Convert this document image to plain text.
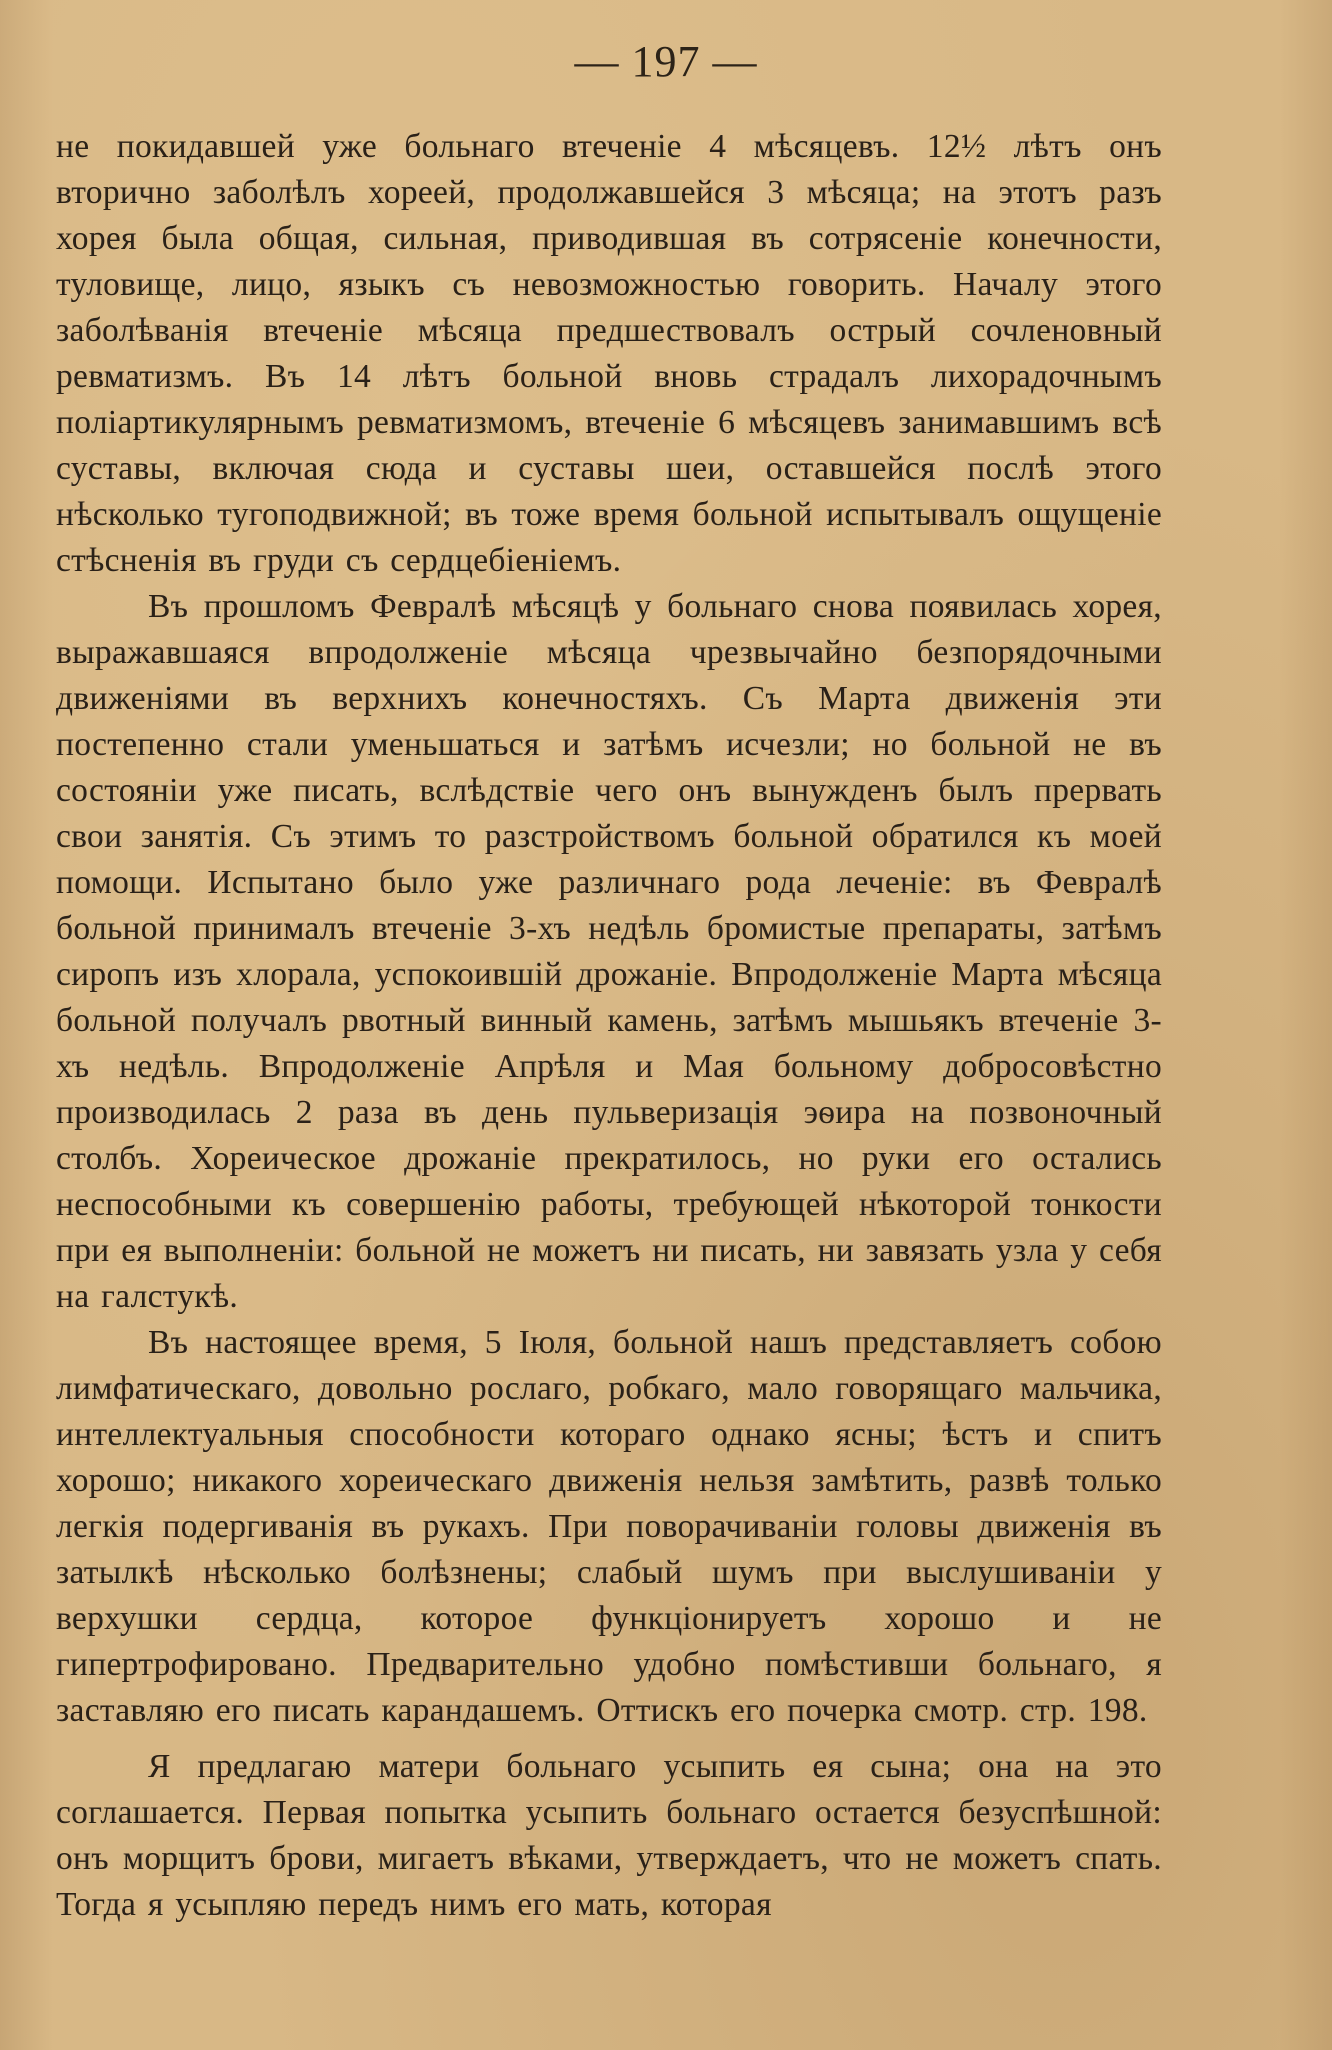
— 197 —

не покидавшей уже больнаго втеченіе 4 мѣсяцевъ. 12½ лѣтъ онъ вторично заболѣлъ хореей, продолжавшейся 3 мѣсяца; на этотъ разъ хорея была общая, сильная, приводившая въ сотрясеніе конечности, туловище, лицо, языкъ съ невозможностью говорить. Началу этого заболѣванія втеченіе мѣсяца предшествовалъ острый сочленовный ревматизмъ. Въ 14 лѣтъ больной вновь страдалъ лихорадочнымъ поліартикулярнымъ ревматизмомъ, втеченіе 6 мѣсяцевъ занимавшимъ всѣ суставы, включая сюда и суставы шеи, оставшейся послѣ этого нѣсколько тугоподвижной; въ тоже время больной испытывалъ ощущеніе стѣсненія въ груди съ сердцебіеніемъ.

Въ прошломъ Февралѣ мѣсяцѣ у больнаго снова появилась хорея, выражавшаяся впродолженіе мѣсяца чрезвычайно безпорядочными движеніями въ верхнихъ конечностяхъ. Съ Марта движенія эти постепенно стали уменьшаться и затѣмъ исчезли; но больной не въ состояніи уже писать, вслѣдствіе чего онъ вынужденъ былъ прервать свои занятія. Съ этимъ то разстройствомъ больной обратился къ моей помощи. Испытано было уже различнаго рода леченіе: въ Февралѣ больной принималъ втеченіе 3-хъ недѣль бромистые препараты, затѣмъ сиропъ изъ хлорала, успокоившій дрожаніе. Впродолженіе Марта мѣсяца больной получалъ рвотный винный камень, затѣмъ мышьякъ втеченіе 3-хъ недѣль. Впродолженіе Апрѣля и Мая больному добросовѣстно производилась 2 раза въ день пульверизація эѳира на позвоночный столбъ. Хореическое дрожаніе прекратилось, но руки его остались неспособными къ совершенію работы, требующей нѣкоторой тонкости при ея выполненіи: больной не можетъ ни писать, ни завязать узла у себя на галстукѣ.

Въ настоящее время, 5 Іюля, больной нашъ представляетъ собою лимфатическаго, довольно рослаго, робкаго, мало говорящаго мальчика, интеллектуальныя способности котораго однако ясны; ѣстъ и спитъ хорошо; никакого хореическаго движенія нельзя замѣтить, развѣ только легкія подергиванія въ рукахъ. При поворачиваніи головы движенія въ затылкѣ нѣсколько болѣзнены; слабый шумъ при выслушиваніи у верхушки сердца, которое функціонируетъ хорошо и не гипертрофировано. Предварительно удобно помѣстивши больнаго, я заставляю его писать карандашемъ. Оттискъ его почерка смотр. стр. 198.

Я предлагаю матери больнаго усыпить ея сына; она на это соглашается. Первая попытка усыпить больнаго остается безуспѣшной: онъ морщитъ брови, мигаетъ вѣками, утверждаетъ, что не можетъ спать. Тогда я усыпляю передъ нимъ его мать, которая
